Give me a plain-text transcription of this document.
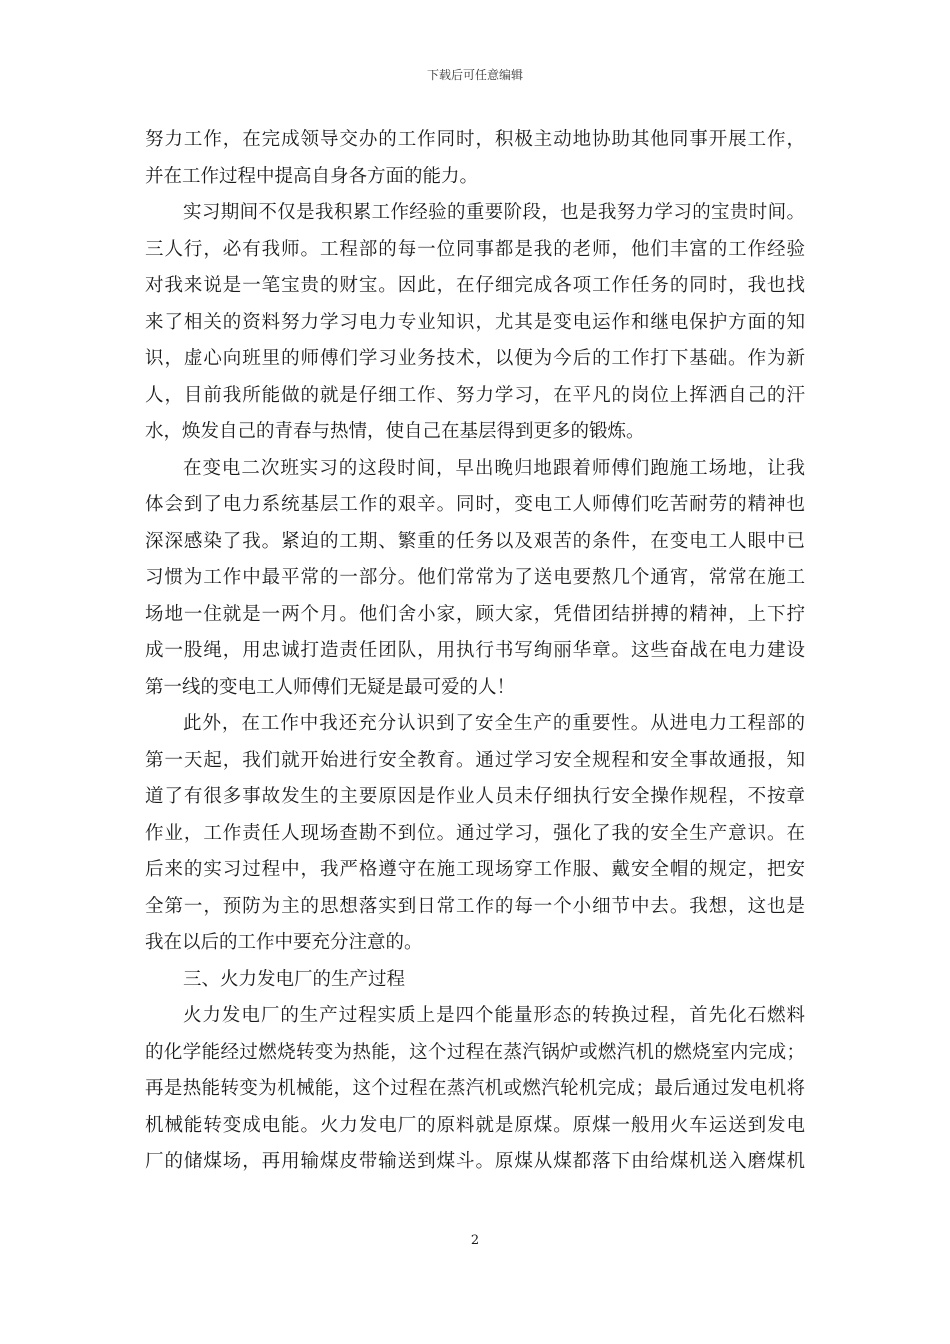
下载后可任意编辑
努力工作，在完成领导交办的工作同时，积极主动地协助其他同事开展工作，
并在工作过程中提高自身各方面的能力。
实习期间不仅是我积累工作经验的重要阶段，也是我努力学习的宝贵时间。
三人行，必有我师。工程部的每一位同事都是我的老师，他们丰富的工作经验
对我来说是一笔宝贵的财宝。因此，在仔细完成各项工作任务的同时，我也找
来了相关的资料努力学习电力专业知识，尤其是变电运作和继电保护方面的知
识，虚心向班里的师傅们学习业务技术，以便为今后的工作打下基础。作为新
人，目前我所能做的就是仔细工作、努力学习，在平凡的岗位上挥洒自己的汗
水，焕发自己的青春与热情，使自己在基层得到更多的锻炼。
在变电二次班实习的这段时间，早出晚归地跟着师傅们跑施工场地，让我
体会到了电力系统基层工作的艰辛。同时，变电工人师傅们吃苦耐劳的精神也
深深感染了我。紧迫的工期、繁重的任务以及艰苦的条件，在变电工人眼中已
习惯为工作中最平常的一部分。他们常常为了送电要熬几个通宵，常常在施工
场地一住就是一两个月。他们舍小家，顾大家，凭借团结拼搏的精神，上下拧
成一股绳，用忠诚打造责任团队，用执行书写绚丽华章。这些奋战在电力建设
第一线的变电工人师傅们无疑是最可爱的人！
此外，在工作中我还充分认识到了安全生产的重要性。从进电力工程部的
第一天起，我们就开始进行安全教育。通过学习安全规程和安全事故通报，知
道了有很多事故发生的主要原因是作业人员未仔细执行安全操作规程，不按章
作业，工作责任人现场查勘不到位。通过学习，强化了我的安全生产意识。在
后来的实习过程中，我严格遵守在施工现场穿工作服、戴安全帽的规定，把安
全第一，预防为主的思想落实到日常工作的每一个小细节中去。我想，这也是
我在以后的工作中要充分注意的。
三、火力发电厂的生产过程
火力发电厂的生产过程实质上是四个能量形态的转换过程，首先化石燃料
的化学能经过燃烧转变为热能，这个过程在蒸汽锅炉或燃汽机的燃烧室内完成；
再是热能转变为机械能，这个过程在蒸汽机或燃汽轮机完成；最后通过发电机将
机械能转变成电能。火力发电厂的原料就是原煤。原煤一般用火车运送到发电
厂的储煤场，再用输煤皮带输送到煤斗。原煤从煤都落下由给煤机送入磨煤机
2
